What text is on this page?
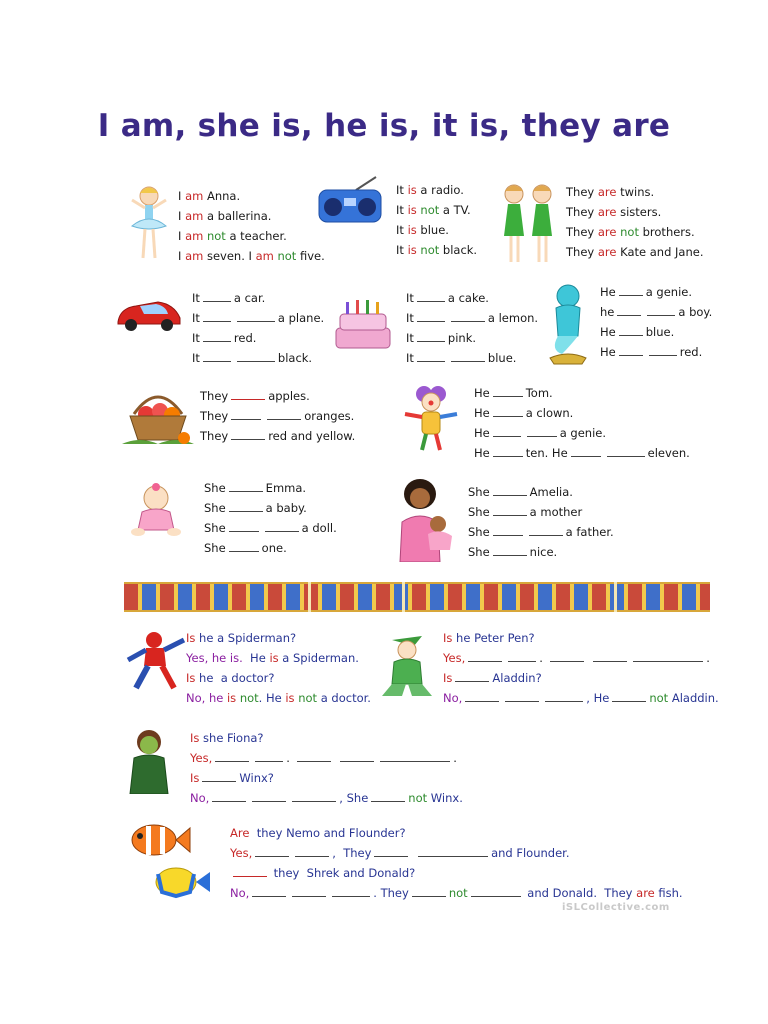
I am, she is, he is, it is, they are
I am Anna.
I am a ballerina.
I am not a teacher.
I am seven. I am not five.
It is a radio.
It is not a TV.
It is blue.
It is not black.
They are twins.
They are sisters.
They are not brothers.
They are Kate and Jane.
It	a car.
It	a plane.
It	red.
It	black.
It	a cake.
It	a lemon.
It	pink.
It	blue.
He	a genie.
he	a boy.
He	blue.
He	red.
They	apples.
They	oranges.
They	red and yellow.
He	Tom.
He	a clown.
He	a genie.
He	ten. He	eleven.
She	Emma.
She	a baby.
She	a doll.
She	one.
She	Amelia.
She	a mother
She	a father.
She	nice.
Is he a Spiderman?
Yes, he is.  He is a Spiderman.
Is he  a doctor?
No, he is not. He is not a doctor.
Is he Peter Pen?
Yes,	.	.
Is	Aladdin?
No,	, He	not Aladdin.
Is she Fiona?
Yes,	.	.
Is	Winx?
No,	, She	not Winx.
Are  they Nemo and Flounder?
Yes,	,  They	and Flounder.
they  Shrek and Donald?
No,	. They	not	and Donald.  They are fish.
iSLCollective.com
